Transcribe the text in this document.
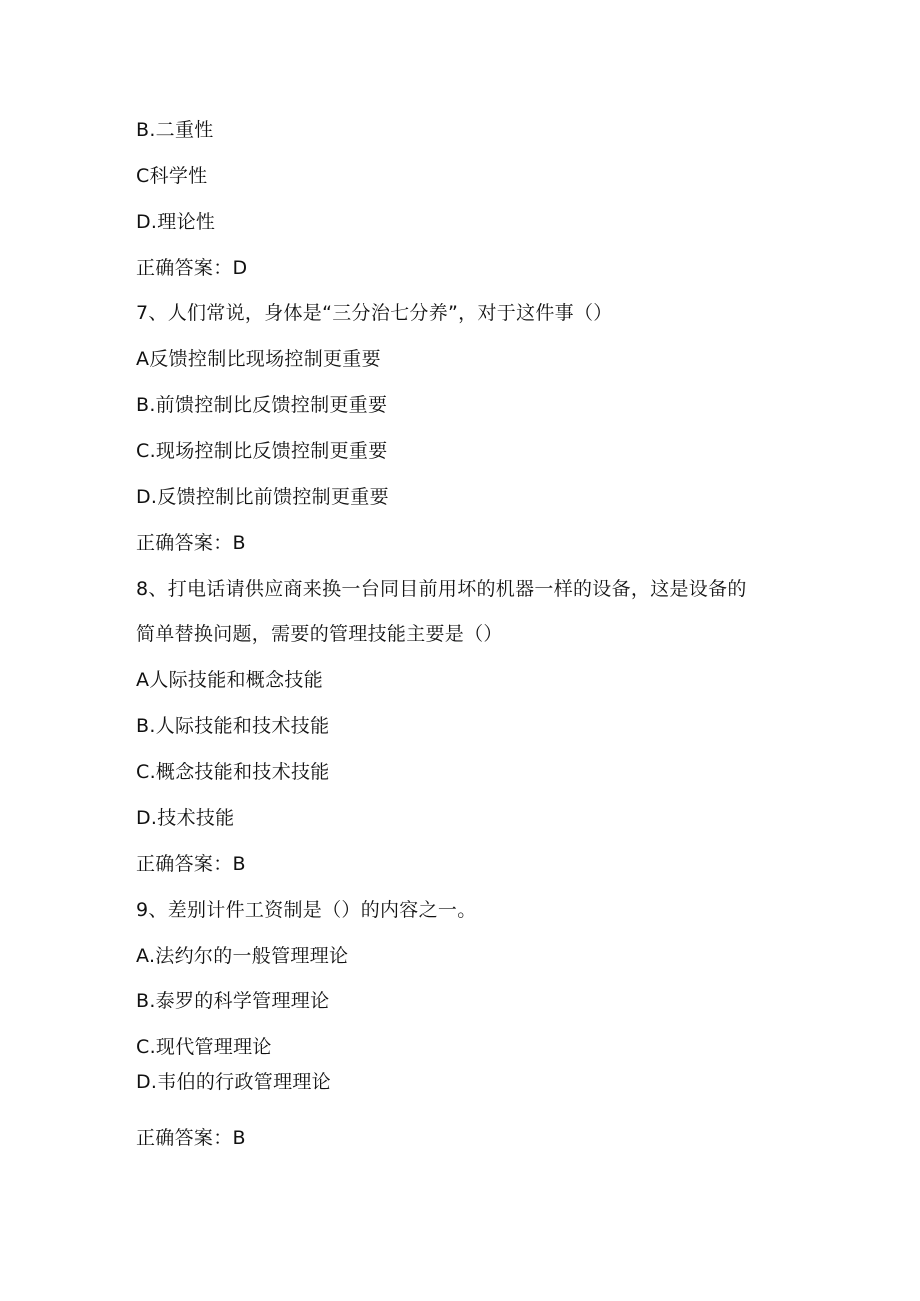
B.二重性
C科学性
D.理论性
正确答案：D
7、人们常说，身体是“三分治七分养”，对于这件事（）
A反馈控制比现场控制更重要
B.前馈控制比反馈控制更重要
C.现场控制比反馈控制更重要
D.反馈控制比前馈控制更重要
正确答案：B
8、打电话请供应商来换一台同目前用坏的机器一样的设备，这是设备的
简单替换问题，需要的管理技能主要是（）
A人际技能和概念技能
B.人际技能和技术技能
C.概念技能和技术技能
D.技术技能
正确答案：B
9、差别计件工资制是（）的内容之一。
A.法约尔的一般管理理论
B.泰罗的科学管理理论
C.现代管理理论
D.韦伯的行政管理理论
正确答案：B
